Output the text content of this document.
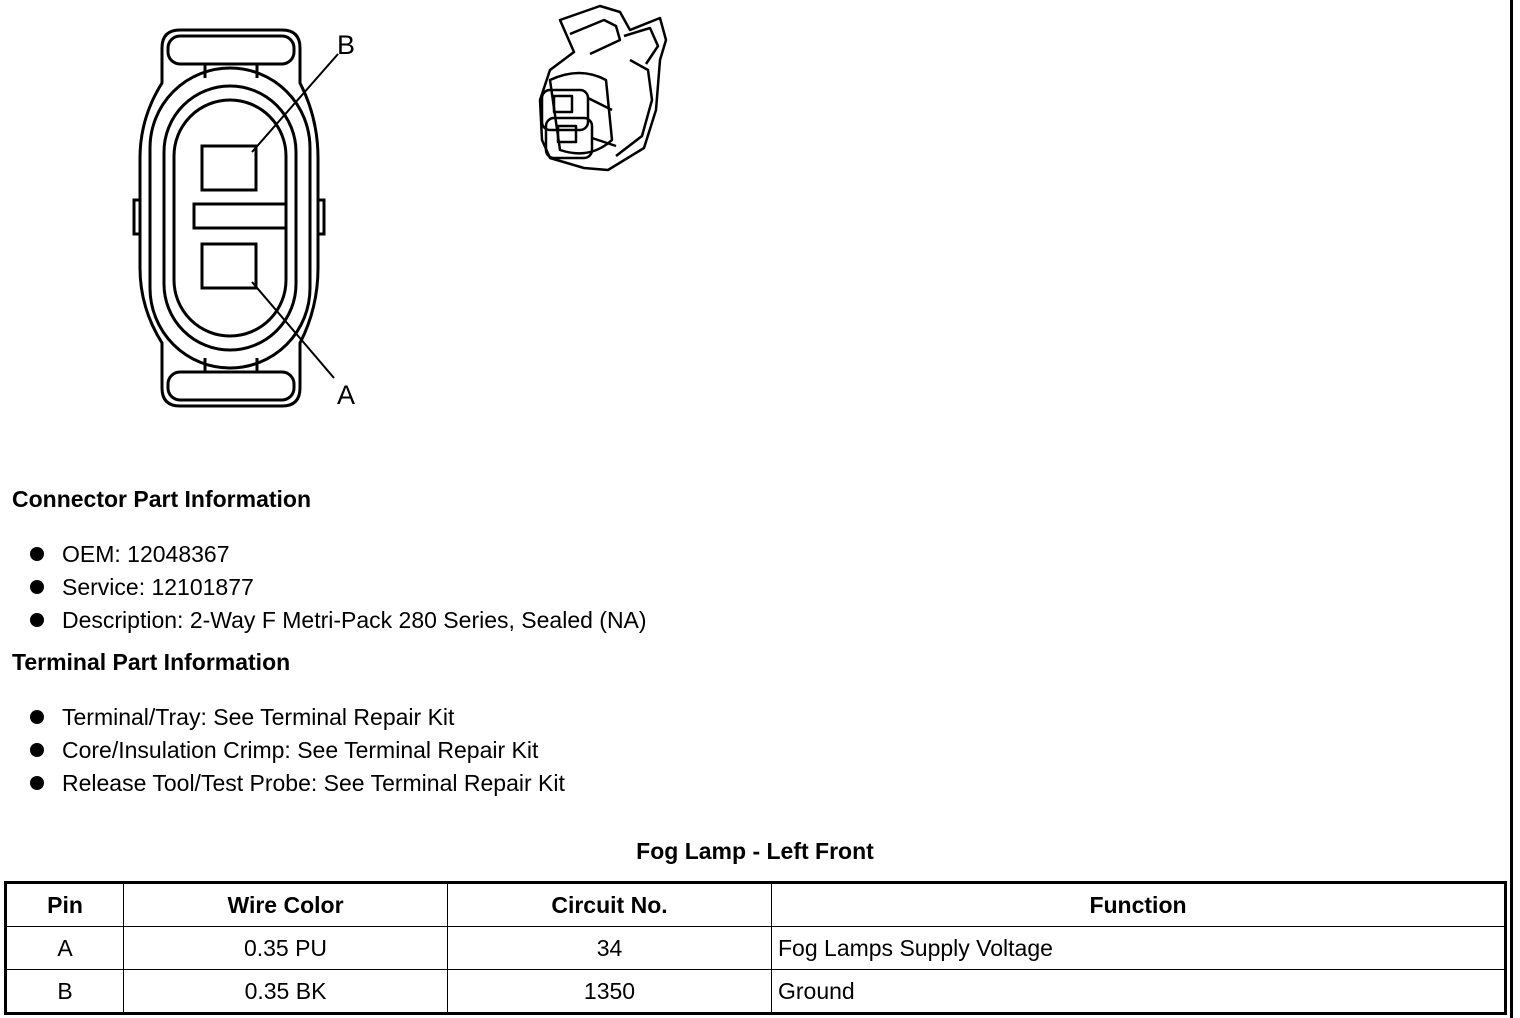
B
A
Connector Part Information
OEM: 12048367
Service: 12101877
Description: 2-Way F Metri-Pack 280 Series, Sealed (NA)
Terminal Part Information
Terminal/Tray: See Terminal Repair Kit
Core/Insulation Crimp: See Terminal Repair Kit
Release Tool/Test Probe: See Terminal Repair Kit
Fog Lamp - Left Front
Pin	Wire Color	Circuit No.	Function
A	0.35 PU	34	Fog Lamps Supply Voltage
B	0.35 BK	1350	Ground
